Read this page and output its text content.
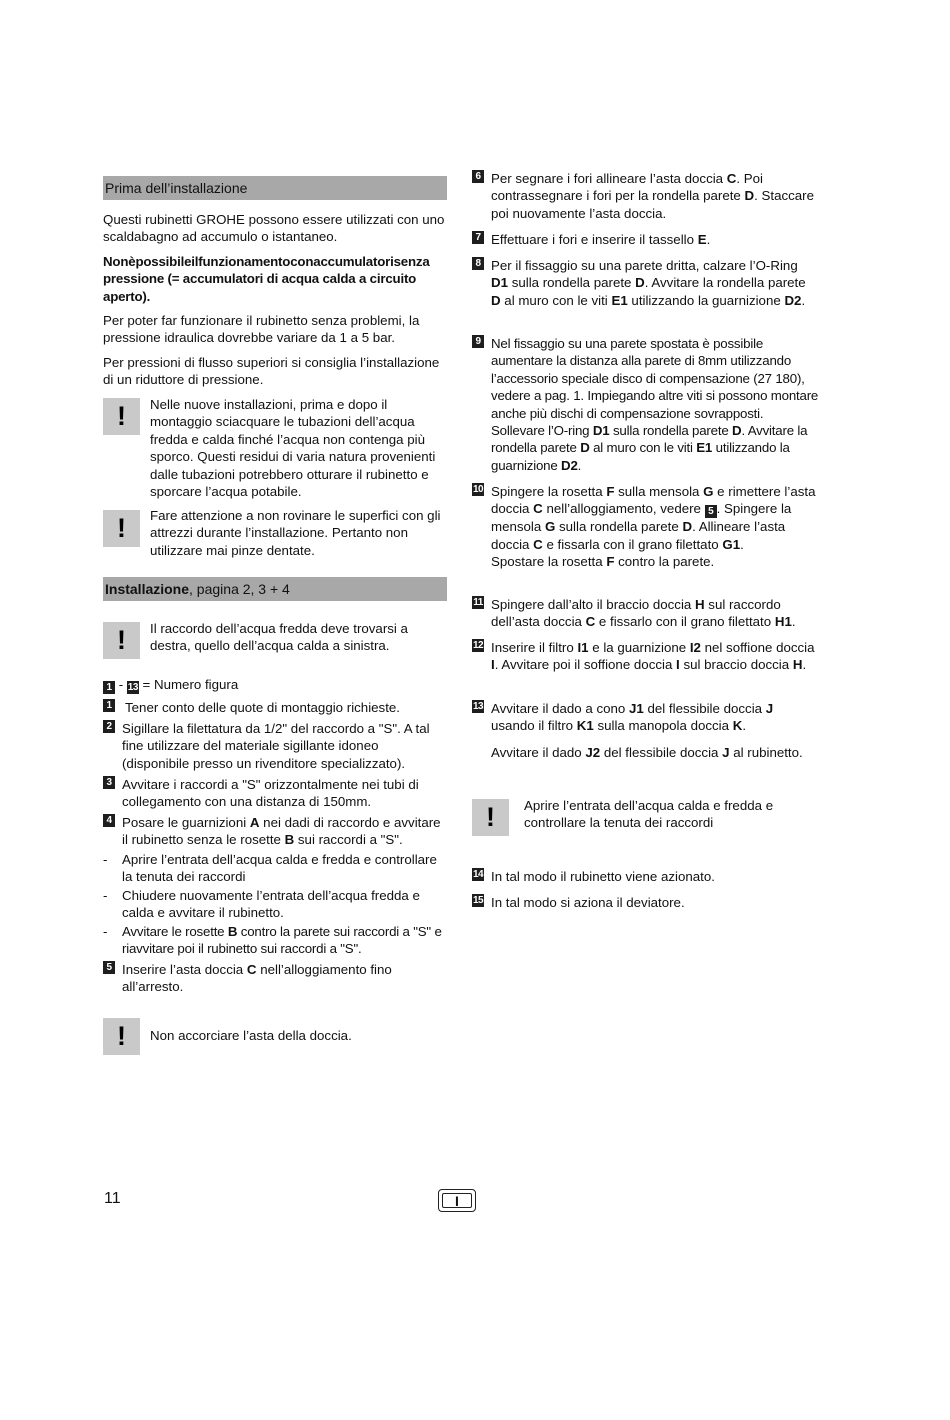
Prima dell’installazione

Questi rubinetti GROHE possono essere utilizzati con uno scaldabagno ad accumulo o istantaneo.

Nonèpossibileilfunzionamentoconaccumulatorisenza pressione (= accumulatori di acqua calda a circuito aperto).

Per poter far funzionare il rubinetto senza problemi, la pressione idraulica dovrebbe variare da 1 a 5 bar.

Per pressioni di flusso superiori si consiglia l’installazione di un riduttore di pressione.

!	Nelle nuove installazioni, prima e dopo il montaggio sciacquare le tubazioni dell’acqua fredda e calda finché l’acqua non contenga più sporco. Questi residui di varia natura provenienti dalle tubazioni potrebbero otturare il rubinetto e sporcare l’acqua potabile.

!	Fare attenzione a non rovinare le superfici con gli attrezzi durante l’installazione. Pertanto non utilizzare mai pinze dentate.

Installazione, pagina 2, 3 + 4
!	Il raccordo dell’acqua fredda deve trovarsi a destra, quello dell’acqua calda a sinistra.

1 - 13 = Numero figura
1 Tener conto delle quote di montaggio richieste.

2 Sigillare la filettatura da 1/2" del raccordo a "S". A tal fine utilizzare del materiale sigillante idoneo (disponibile presso un rivenditore specializzato).

3 Avvitare i raccordi a "S" orizzontalmente nei tubi di collegamento con una distanza di 150mm.

4 Posare le guarnizioni A nei dadi di raccordo e avvitare il rubinetto senza le rosette B sui raccordi a "S".

- Aprire l’entrata dell’acqua calda e fredda e controllare la tenuta dei raccordi

- Chiudere nuovamente l’entrata dell’acqua fredda e calda e avvitare il rubinetto.

- Avvitare le rosette B contro la parete sui raccordi a "S" e riavvitare poi il rubinetto sui raccordi a "S".

5 Inserire l’asta doccia C nell’alloggiamento fino all’arresto.

!	Non accorciare l’asta della doccia.

6 Per segnare i fori allineare l’asta doccia C. Poi contrassegnare i fori per la rondella parete D. Staccare poi nuovamente l’asta doccia.

7 Effettuare i fori e inserire il tassello E.

8 Per il fissaggio su una parete dritta, calzare l’O-Ring D1 sulla rondella parete D. Avvitare la rondella parete D al muro con le viti E1 utilizzando la guarnizione D2.

9 Nel fissaggio su una parete spostata è possibile aumentare la distanza alla parete di 8mm utilizzando l’accessorio speciale disco di compensazione (27 180), vedere a pag. 1. Impiegando altre viti si possono montare anche più dischi di compensazione sovrapposti. Sollevare l’O-ring D1 sulla rondella parete D. Avvitare la rondella parete D al muro con le viti E1 utilizzando la guarnizione D2.

10 Spingere la rosetta F sulla mensola G e rimettere l’asta doccia C nell’alloggiamento, vedere 5 . Spingere la mensola G sulla rondella parete D. Allineare l’asta doccia C e fissarla con il grano filettato G1.
Spostare la rosetta F contro la parete.

11 Spingere dall’alto il braccio doccia H sul raccordo dell’asta doccia C e fissarlo con il grano filettato H1.

12 Inserire il filtro I1 e la guarnizione I2 nel soffione doccia I. Avvitare poi il soffione doccia I sul braccio doccia H.

13 Avvitare il dado a cono J1 del flessibile doccia J usando il filtro K1 sulla manopola doccia K.

Avvitare il dado J2 del flessibile doccia J al rubinetto.

!	Aprire l’entrata dell’acqua calda e fredda e controllare la tenuta dei raccordi

14 In tal modo il rubinetto viene azionato.

15 In tal modo si aziona il deviatore.

11	I
